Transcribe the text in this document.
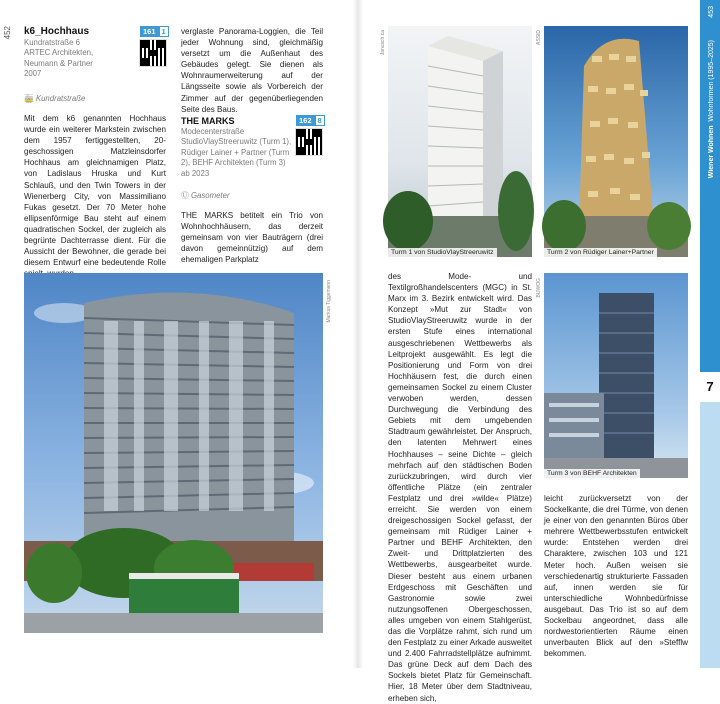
452 k6_Hochhaus
Kundratstraße 6
ARTEC Architekten, Neumann & Partner
2007
161 1
🚋 Kundratstraße
Mit dem k6 genannten Hochhaus wurde ein weiterer Markstein zwischen dem 1957 fertiggestellten, 20-geschossigen Matzleinsdorfer Hochhaus am gleichnamigen Platz, von Ladislaus Hruska und Kurt Schlauß, und den Twin Towers in der Wienerberg City, von Massimiliano Fukas gesetzt. Der 70 Meter hohe ellipsenförmige Bau steht auf einem quadratischen Sockel, der zugleich als begrünte Dachterrasse dient. Für die Aussicht der Bewohner, die gerade bei diesem Entwurf eine bedeutende Rolle
verglaste Panorama-Loggien, die Teil jeder Wohnung sind, gleichmäßig versetzt um die Außenhaut des Gebäudes gelegt. Sie dienen als Wohnraumerweiterung auf der Längsseite sowie als Vorbereich der Zimmer auf der gegenüberliegenden Seite des Baus.
THE MARKS
Modecenterstraße
StudioVlayStreeruwitz (Turm 1), Rüdiger Lainer + Partner (Turm 2), BEHF Architekten (Turm 3)
ab 2023
162 8
Ⓤ Gasometer
THE MARKS betitelt ein Trio von Wohnhochhäusern, das derzeit gemeinsam von vier Bauträgern (drei davon gemeinnützig) auf dem ehemaligen Parkplatz
Markus Tiggemann
Turm 1 von StudioVlayStreeruwitz
Janusch.ca
Turm 2 von Rüdiger Lainer+Partner
ASSID
des Mode- und Textilgroßhandelscenters (MGC) in St. Marx im 3. Bezirk entwickelt wird. Das Konzept »Mut zur Stadt« von StudioVlayStreeruwitz wurde in der ersten Stufe eines international ausgeschriebenen Wettbewerbs als Leitprojekt ausgewählt. Es legt die Positionierung und Form von drei Hochhäusern fest, die durch einen gemeinsamen Sockel zu einem Cluster verwoben werden, dessen Durchwegung die Verbindung des Gebiets mit dem umgebenden Stadtraum gewährleistet. Der Anspruch, den latenten Mehrwert eines Hochhauses – seine Dichte – gleich mehrfach auf den städtischen Boden zurückzubringen, wird durch vier öffentliche Plätze (ein zentraler Festplatz und drei »wilde« Plätze) erreicht. Sie werden von einem dreigeschossigen Sockel gefasst, der gemeinsam mit Rüdiger Lainer + Partner und BEHF Architekten, den Zweit- und Drittplatzierten des Wettbewerbs, ausgearbeitet wurde. Dieser besteht aus einem urbanen Erdgeschoss mit Geschäften und Gastronomie sowie zwei nutzungsoffenen Obergeschossen, alles umgeben von einem Stahlgerüst, das die Vorplätze rahmt, sich rund um den Festplatz zu einer Arkade ausweitet und 2.400 Fahrradstellplätze aufnimmt. Das grüne Deck auf dem Dach des Sockels bietet Platz für Gemeinschaft. Hier, 18 Meter über dem Stadtniveau, erheben sich,
Turm 3 von BEHF Architekten
BUWOG
leicht zurückversetzt von der Sockelkante, die drei Türme, von denen je einer von den genannten Büros über mehrere Wettbewerbsstufen entwickelt wurde: Entstehen werden drei Charaktere, zwischen 103 und 121 Meter hoch. Außen weisen sie verschiedenartig strukturierte Fassaden auf, innen werden sie für unterschiedliche Wohnbedürfnisse ausgebaut. Das Trio ist so auf dem Sockelbau angeordnet, dass alle nordwestorientierten Räume einen unverbauten Blick auf den »Stefflw bekommen.
453
Wiener Wohnen  Wohnformen (1995–2025)
7
